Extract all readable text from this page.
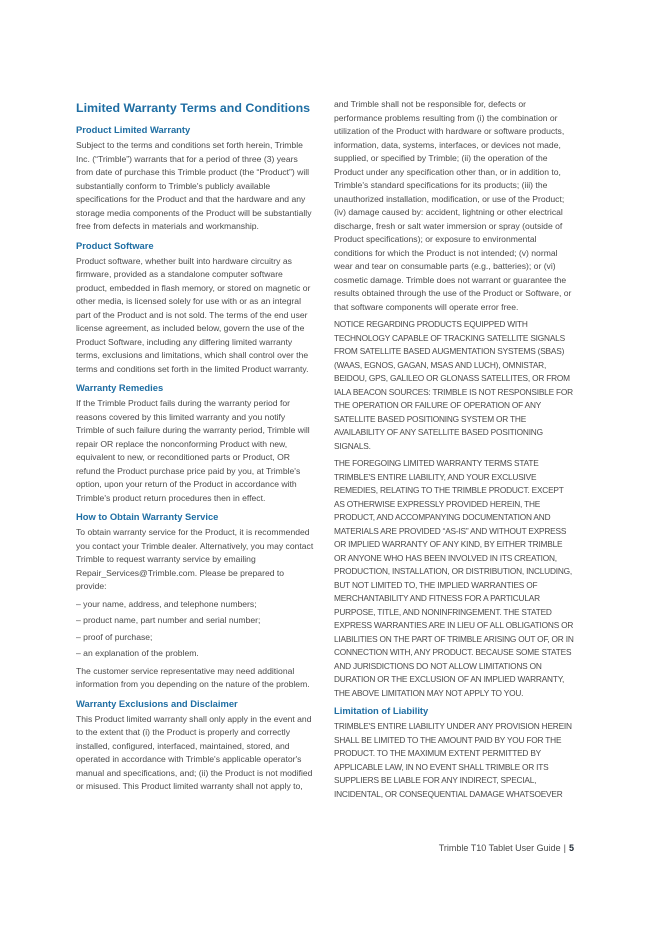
Limited Warranty Terms and Conditions
Product Limited Warranty

Subject to the terms and conditions set forth herein, Trimble Inc. (“Trimble”) warrants that for a period of three (3) years from date of purchase this Trimble product (the “Product”) will substantially conform to Trimble's publicly available specifications for the Product and that the hardware and any storage media components of the Product will be substantially free from defects in materials and workmanship.

Product Software

Product software, whether built into hardware circuitry as firmware, provided as a standalone computer software product, embedded in flash memory, or stored on magnetic or other media, is licensed solely for use with or as an integral part of the Product and is not sold. The terms of the end user license agreement, as included below, govern the use of the Product Software, including any differing limited warranty terms, exclusions and limitations, which shall control over the terms and conditions set forth in the limited Product warranty.

Warranty Remedies

If the Trimble Product fails during the warranty period for reasons covered by this limited warranty and you notify Trimble of such failure during the warranty period, Trimble will repair OR replace the nonconforming Product with new, equivalent to new, or reconditioned parts or Product, OR refund the Product purchase price paid by you, at Trimble's option, upon your return of the Product in accordance with Trimble's product return procedures then in effect.

How to Obtain Warranty Service

To obtain warranty service for the Product, it is recommended you contact your Trimble dealer. Alternatively, you may contact Trimble to request warranty service by emailing Repair_Services@Trimble.com. Please be prepared to provide:

– your name, address, and telephone numbers;
– product name, part number and serial number;
– proof of purchase;
– an explanation of the problem.

The customer service representative may need additional information from you depending on the nature of the problem.

Warranty Exclusions and Disclaimer

This Product limited warranty shall only apply in the event and to the extent that (i) the Product is properly and correctly installed, configured, interfaced, maintained, stored, and operated in accordance with Trimble's applicable operator's manual and specifications, and; (ii) the Product is not modified or misused. This Product limited warranty shall not apply to,

and Trimble shall not be responsible for, defects or performance problems resulting from (i) the combination or utilization of the Product with hardware or software products, information, data, systems, interfaces, or devices not made, supplied, or specified by Trimble; (ii) the operation of the Product under any specification other than, or in addition to, Trimble's standard specifications for its products; (iii) the unauthorized installation, modification, or use of the Product; (iv) damage caused by: accident, lightning or other electrical discharge, fresh or salt water immersion or spray (outside of Product specifications); or exposure to environmental conditions for which the Product is not intended; (v) normal wear and tear on consumable parts (e.g., batteries); or (vi) cosmetic damage. Trimble does not warrant or guarantee the results obtained through the use of the Product or Software, or that software components will operate error free.

NOTICE REGARDING PRODUCTS EQUIPPED WITH TECHNOLOGY CAPABLE OF TRACKING SATELLITE SIGNALS FROM SATELLITE BASED AUGMENTATION SYSTEMS (SBAS) (WAAS, EGNOS, GAGAN, MSAS AND LUCH), OMNISTAR, BEIDOU, GPS, GALILEO OR GLONASS SATELLITES, OR FROM IALA BEACON SOURCES: TRIMBLE IS NOT RESPONSIBLE FOR THE OPERATION OR FAILURE OF OPERATION OF ANY SATELLITE BASED POSITIONING SYSTEM OR THE AVAILABILITY OF ANY SATELLITE BASED POSITIONING SIGNALS.

THE FOREGOING LIMITED WARRANTY TERMS STATE TRIMBLE'S ENTIRE LIABILITY, AND YOUR EXCLUSIVE REMEDIES, RELATING TO THE TRIMBLE PRODUCT. EXCEPT AS OTHERWISE EXPRESSLY PROVIDED HEREIN, THE PRODUCT, AND ACCOMPANYING DOCUMENTATION AND MATERIALS ARE PROVIDED “AS-IS” AND WITHOUT EXPRESS OR IMPLIED WARRANTY OF ANY KIND, BY EITHER TRIMBLE OR ANYONE WHO HAS BEEN INVOLVED IN ITS CREATION, PRODUCTION, INSTALLATION, OR DISTRIBUTION, INCLUDING, BUT NOT LIMITED TO, THE IMPLIED WARRANTIES OF MERCHANTABILITY AND FITNESS FOR A PARTICULAR PURPOSE, TITLE, AND NONINFRINGEMENT. THE STATED EXPRESS WARRANTIES ARE IN LIEU OF ALL OBLIGATIONS OR LIABILITIES ON THE PART OF TRIMBLE ARISING OUT OF, OR IN CONNECTION WITH, ANY PRODUCT. BECAUSE SOME STATES AND JURISDICTIONS DO NOT ALLOW LIMITATIONS ON DURATION OR THE EXCLUSION OF AN IMPLIED WARRANTY, THE ABOVE LIMITATION MAY NOT APPLY TO YOU.

Limitation of Liability

TRIMBLE'S ENTIRE LIABILITY UNDER ANY PROVISION HEREIN SHALL BE LIMITED TO THE AMOUNT PAID BY YOU FOR THE PRODUCT. TO THE MAXIMUM EXTENT PERMITTED BY APPLICABLE LAW, IN NO EVENT SHALL TRIMBLE OR ITS SUPPLIERS BE LIABLE FOR ANY INDIRECT, SPECIAL, INCIDENTAL, OR CONSEQUENTIAL DAMAGE WHATSOEVER

Trimble T10 Tablet User Guide | 5
